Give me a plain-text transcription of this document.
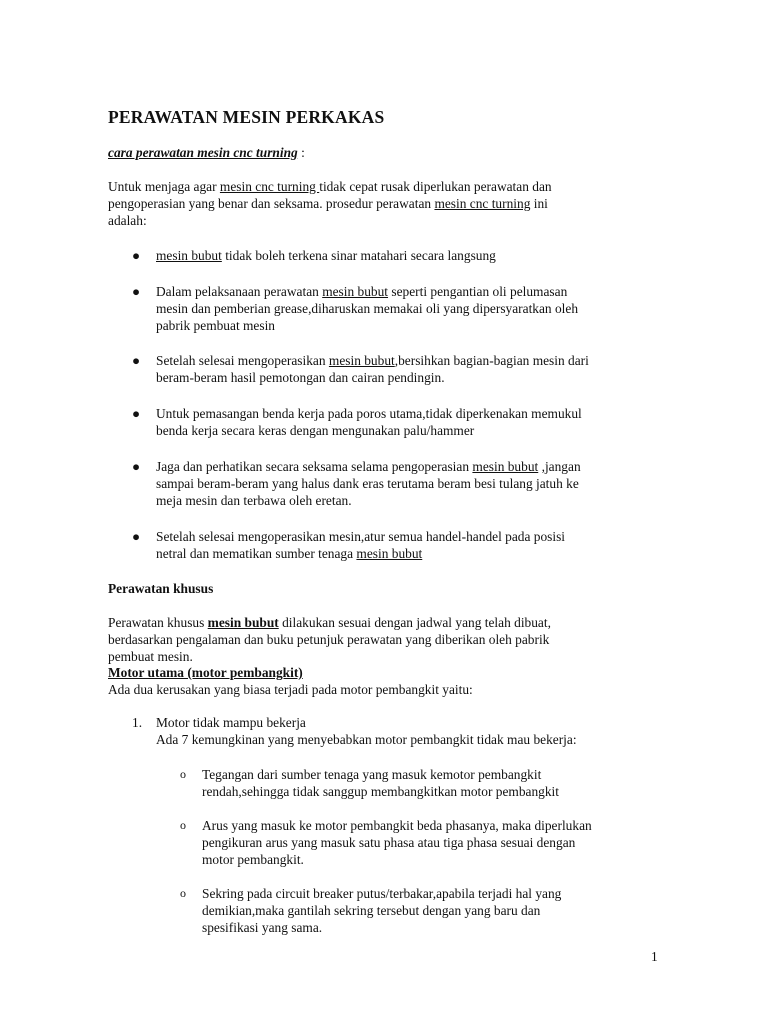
PERAWATAN MESIN PERKAKAS
cara perawatan mesin cnc turning :
Untuk menjaga agar mesin cnc turning tidak cepat rusak diperlukan perawatan dan
pengoperasian yang benar dan seksama. prosedur perawatan mesin cnc turning ini
adalah:
● mesin bubut tidak boleh terkena sinar matahari secara langsung
● Dalam pelaksanaan perawatan mesin bubut seperti pengantian oli pelumasan
mesin dan pemberian grease,diharuskan memakai oli yang dipersyaratkan oleh
pabrik pembuat mesin
● Setelah selesai mengoperasikan mesin bubut,bersihkan bagian-bagian mesin dari
beram-beram hasil pemotongan dan cairan pendingin.
● Untuk pemasangan benda kerja pada poros utama,tidak diperkenakan memukul
benda kerja secara keras dengan mengunakan palu/hammer
● Jaga dan perhatikan secara seksama selama pengoperasian mesin bubut ,jangan
sampai beram-beram yang halus dank eras terutama beram besi tulang jatuh ke
meja mesin dan terbawa oleh eretan.
● Setelah selesai mengoperasikan mesin,atur semua handel-handel pada posisi
netral dan mematikan sumber tenaga mesin bubut
Perawatan khusus
Perawatan khusus mesin bubut dilakukan sesuai dengan jadwal yang telah dibuat,
berdasarkan pengalaman dan buku petunjuk perawatan yang diberikan oleh pabrik
pembuat mesin.
Motor utama (motor pembangkit)
Ada dua kerusakan yang biasa terjadi pada motor pembangkit yaitu:
1. Motor tidak mampu bekerja
Ada 7 kemungkinan yang menyebabkan motor pembangkit tidak mau bekerja:
o Tegangan dari sumber tenaga yang masuk kemotor pembangkit
rendah,sehingga tidak sanggup membangkitkan motor pembangkit
o Arus yang masuk ke motor pembangkit beda phasanya, maka diperlukan
pengikuran arus yang masuk satu phasa atau tiga phasa sesuai dengan
motor pembangkit.
o Sekring pada circuit breaker putus/terbakar,apabila terjadi hal yang
demikian,maka gantilah sekring tersebut dengan yang baru dan
spesifikasi yang sama.
1
